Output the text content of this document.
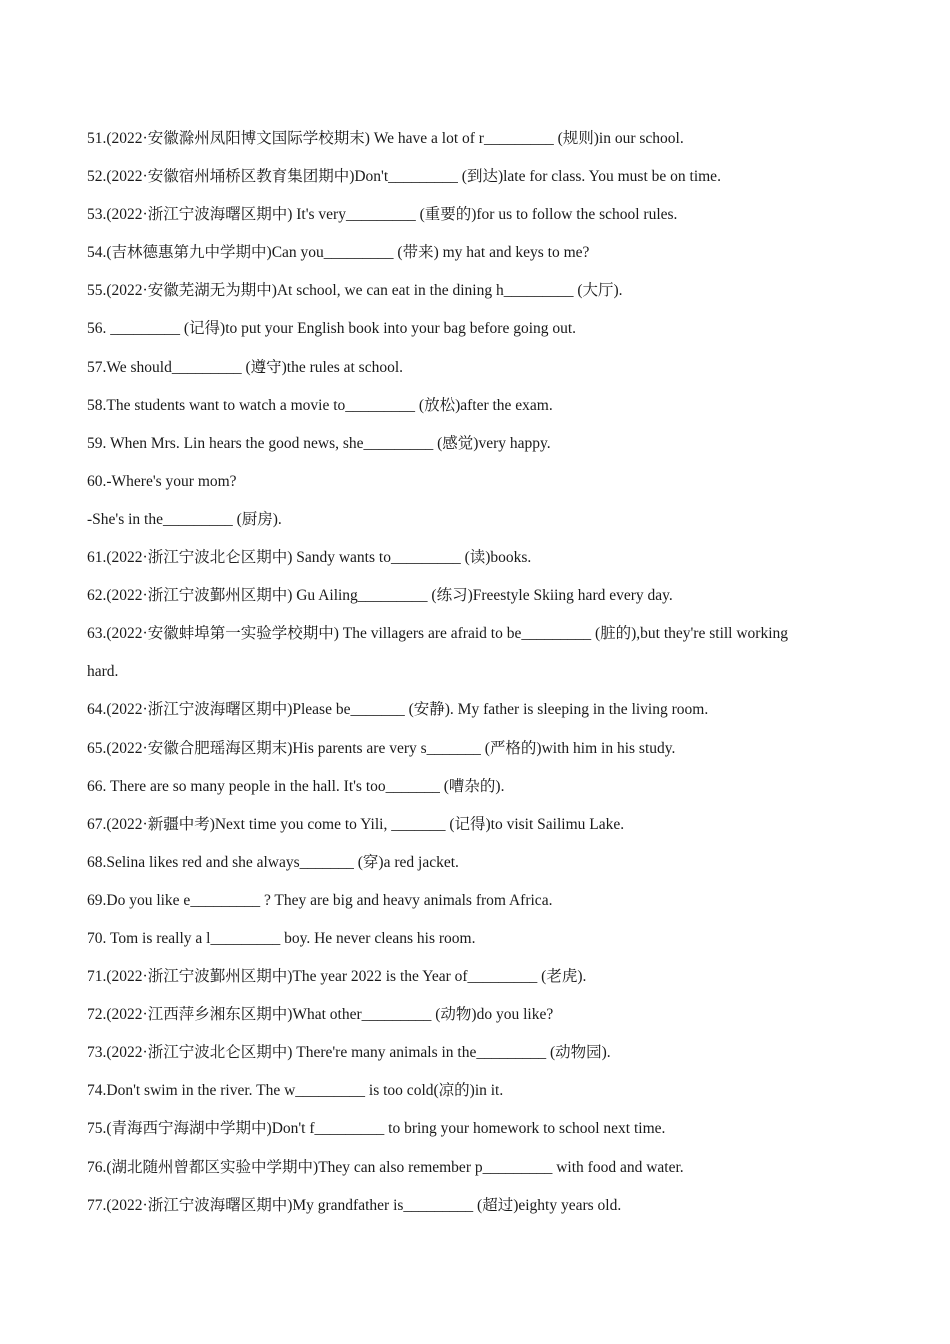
51.(2022·安徽滁州凤阳博文国际学校期末) We have a lot of r_________ (规则)in our school.
52.(2022·安徽宿州埇桥区教育集团期中)Don't_________ (到达)late for class. You must be on time.
53.(2022·浙江宁波海曙区期中) It's very_________ (重要的)for us to follow the school rules.
54.(吉林德惠第九中学期中)Can you_________ (带来) my hat and keys to me?
55.(2022·安徽芜湖无为期中)At school, we can eat in the dining h_________ (大厅).
56. _________ (记得)to put your English book into your bag before going out.
57.We should_________ (遵守)the rules at school.
58.The students want to watch a movie to_________ (放松)after the exam.
59. When Mrs. Lin hears the good news, she_________ (感觉)very happy.
60.-Where's your mom?
-She's in the_________ (厨房).
61.(2022·浙江宁波北仑区期中) Sandy wants to_________ (读)books.
62.(2022·浙江宁波鄞州区期中) Gu Ailing_________ (练习)Freestyle Skiing hard every day.
63.(2022·安徽蚌埠第一实验学校期中) The villagers are afraid to be_________ (脏的),but they're still working
hard.
64.(2022·浙江宁波海曙区期中)Please be_______ (安静). My father is sleeping in the living room.
65.(2022·安徽合肥瑶海区期末)His parents are very s_______ (严格的)with him in his study.
66. There are so many people in the hall. It's too_______ (嘈杂的).
67.(2022·新疆中考)Next time you come to Yili, _______ (记得)to visit Sailimu Lake.
68.Selina likes red and she always_______ (穿)a red jacket.
69.Do you like e_________ ? They are big and heavy animals from Africa.
70. Tom is really a l_________ boy. He never cleans his room.
71.(2022·浙江宁波鄞州区期中)The year 2022 is the Year of_________ (老虎).
72.(2022·江西萍乡湘东区期中)What other_________ (动物)do you like?
73.(2022·浙江宁波北仑区期中) There're many animals in the_________ (动物园).
74.Don't swim in the river. The w_________ is too cold(凉的)in it.
75.(青海西宁海湖中学期中)Don't f_________ to bring your homework to school next time.
76.(湖北随州曾都区实验中学期中)They can also remember p_________ with food and water.
77.(2022·浙江宁波海曙区期中)My grandfather is_________ (超过)eighty years old.
